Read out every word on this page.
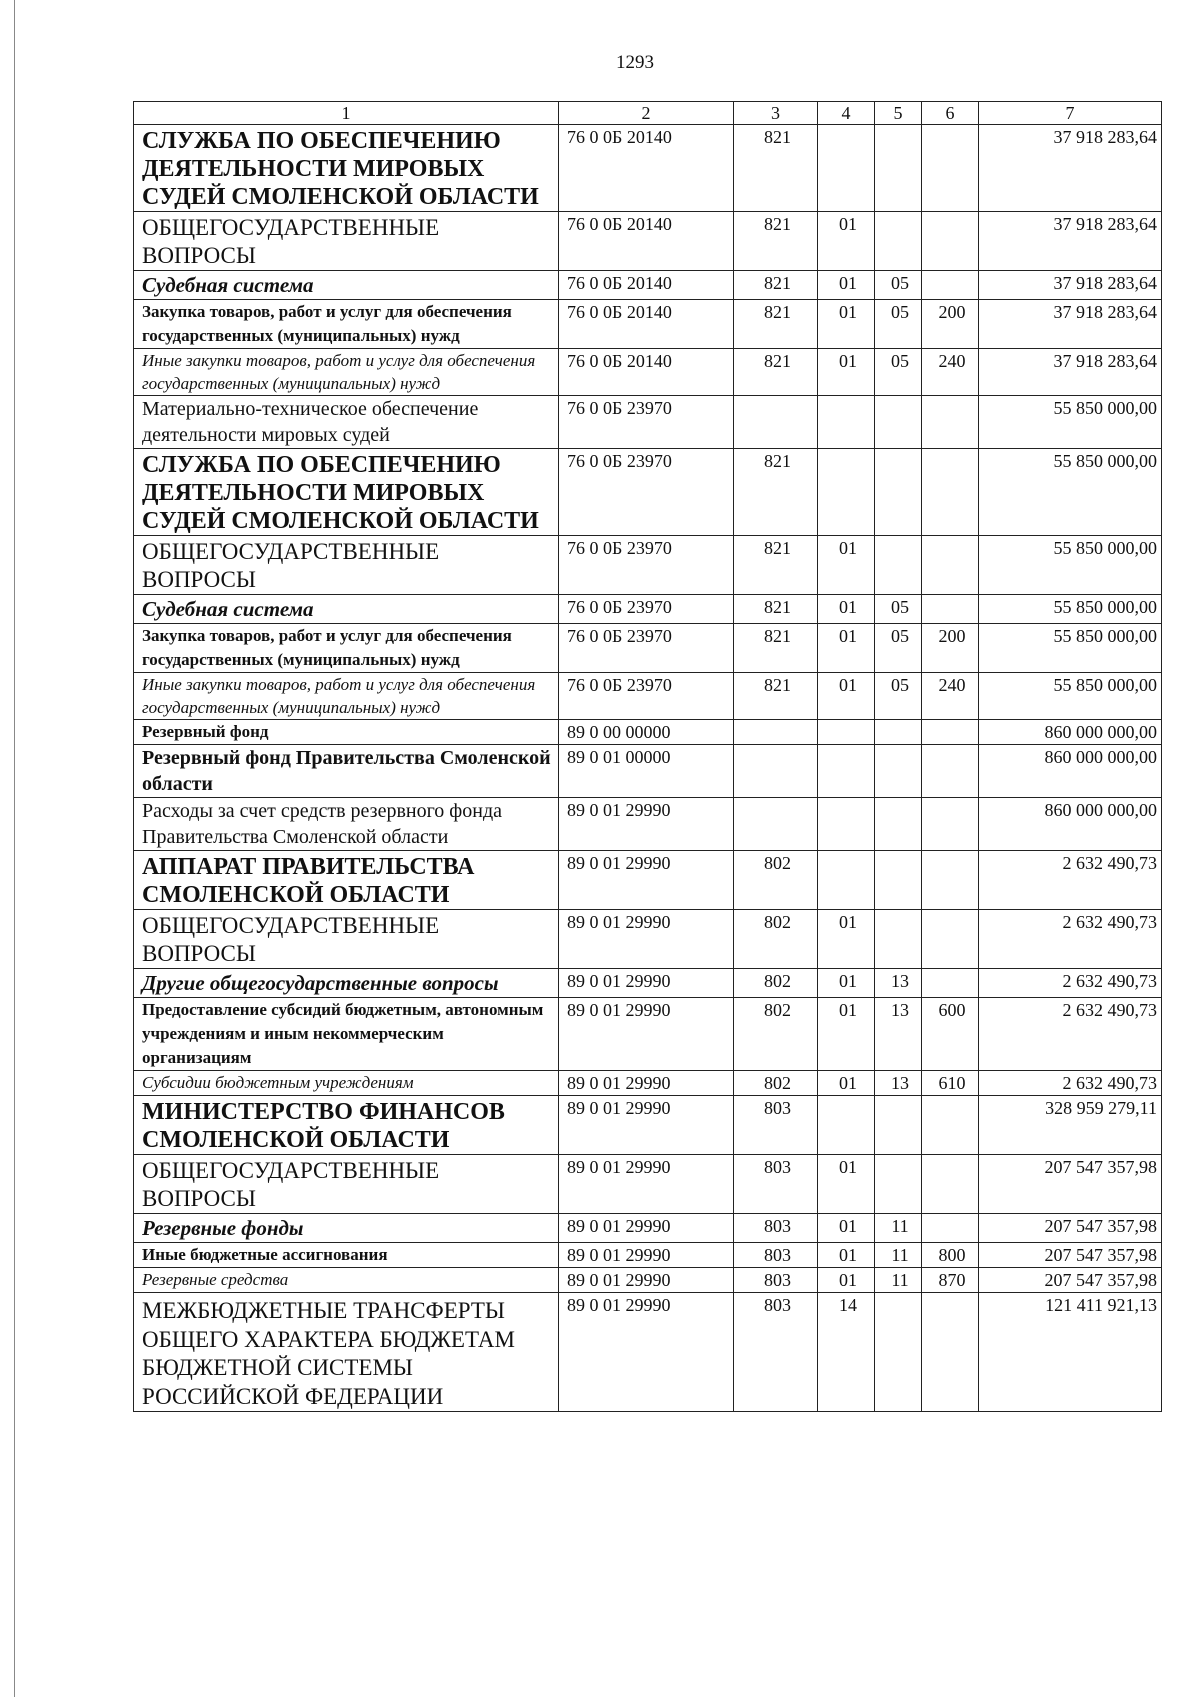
1293
1	2	3	4	5	6	7
СЛУЖБА ПО ОБЕСПЕЧЕНИЮ ДЕЯТЕЛЬНОСТИ МИРОВЫХ СУДЕЙ СМОЛЕНСКОЙ ОБЛАСТИ	76 0 0Б 20140	821				37 918 283,64
ОБЩЕГОСУДАРСТВЕННЫЕ ВОПРОСЫ	76 0 0Б 20140	821	01			37 918 283,64
Судебная система	76 0 0Б 20140	821	01	05		37 918 283,64
Закупка товаров, работ и услуг для обеспечения государственных (муниципальных) нужд	76 0 0Б 20140	821	01	05	200	37 918 283,64
Иные закупки товаров, работ и услуг для обеспечения государственных (муниципальных) нужд	76 0 0Б 20140	821	01	05	240	37 918 283,64
Материально-техническое обеспечение деятельности мировых судей	76 0 0Б 23970					55 850 000,00
СЛУЖБА ПО ОБЕСПЕЧЕНИЮ ДЕЯТЕЛЬНОСТИ МИРОВЫХ СУДЕЙ СМОЛЕНСКОЙ ОБЛАСТИ	76 0 0Б 23970	821				55 850 000,00
ОБЩЕГОСУДАРСТВЕННЫЕ ВОПРОСЫ	76 0 0Б 23970	821	01			55 850 000,00
Судебная система	76 0 0Б 23970	821	01	05		55 850 000,00
Закупка товаров, работ и услуг для обеспечения государственных (муниципальных) нужд	76 0 0Б 23970	821	01	05	200	55 850 000,00
Иные закупки товаров, работ и услуг для обеспечения государственных (муниципальных) нужд	76 0 0Б 23970	821	01	05	240	55 850 000,00
Резервный фонд	89 0 00 00000					860 000 000,00
Резервный фонд Правительства Смоленской области	89 0 01 00000					860 000 000,00
Расходы за счет средств резервного фонда Правительства Смоленской области	89 0 01 29990					860 000 000,00
АППАРАТ ПРАВИТЕЛЬСТВА СМОЛЕНСКОЙ ОБЛАСТИ	89 0 01 29990	802				2 632 490,73
ОБЩЕГОСУДАРСТВЕННЫЕ ВОПРОСЫ	89 0 01 29990	802	01			2 632 490,73
Другие общегосударственные вопросы	89 0 01 29990	802	01	13		2 632 490,73
Предоставление субсидий бюджетным, автономным учреждениям и иным некоммерческим организациям	89 0 01 29990	802	01	13	600	2 632 490,73
Субсидии бюджетным учреждениям	89 0 01 29990	802	01	13	610	2 632 490,73
МИНИСТЕРСТВО ФИНАНСОВ СМОЛЕНСКОЙ ОБЛАСТИ	89 0 01 29990	803				328 959 279,11
ОБЩЕГОСУДАРСТВЕННЫЕ ВОПРОСЫ	89 0 01 29990	803	01			207 547 357,98
Резервные фонды	89 0 01 29990	803	01	11		207 547 357,98
Иные бюджетные ассигнования	89 0 01 29990	803	01	11	800	207 547 357,98
Резервные средства	89 0 01 29990	803	01	11	870	207 547 357,98
МЕЖБЮДЖЕТНЫЕ ТРАНСФЕРТЫ ОБЩЕГО ХАРАКТЕРА БЮДЖЕТАМ БЮДЖЕТНОЙ СИСТЕМЫ РОССИЙСКОЙ ФЕДЕРАЦИИ	89 0 01 29990	803	14			121 411 921,13
